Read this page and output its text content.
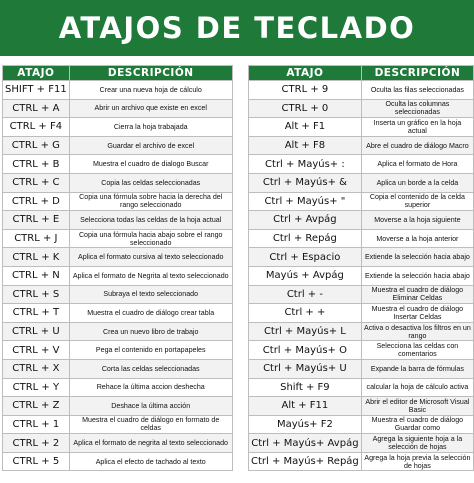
ATAJOS DE TECLADO
ATAJO	DESCRIPCIÓN
SHIFT + F11	Crear una nueva hoja de cálculo
CTRL + A	Abrir un archivo que existe en excel
CTRL + F4	Cierra la hoja trabajada
CTRL + G	Guardar el archivo de excel
CTRL + B	Muestra el cuadro de dialogo Buscar
CTRL + C	Copia las celdas seleccionadas
CTRL + D	Copia una fórmula sobre hacia la derecha del rango seleccionado
CTRL + E	Selecciona todas las celdas de la hoja actual
CTRL + J	Copia una fórmula hacia abajo sobre el rango seleccionado
CTRL + K	Aplica el formato cursiva al texto seleccionado
CTRL + N	Aplica el formato de Negrita al texto seleccionado
CTRL + S	Subraya el texto seleccionado
CTRL + T	Muestra el cuadro de diálogo crear tabla
CTRL + U	Crea un nuevo libro de trabajo
CTRL + V	Pega el contenido en portapapeles
CTRL + X	Corta las celdas seleccionadas
CTRL + Y	Rehace la última accion deshecha
CTRL + Z	Deshace la última acción
CTRL + 1	Muestra el cuadro de diálogo en formato de celdas
CTRL + 2	Aplica el formato de negrita al texto seleccionado
CTRL + 5	Aplica el efecto de tachado al texto
ATAJO	DESCRIPCIÓN
CTRL + 9	Oculta las filas seleccionadas
CTRL + 0	Oculta las columnas seleccionadas
Alt + F1	Inserta un gráfico en la hoja actual
Alt + F8	Abre el cuadro de diálogo Macro
Ctrl + Mayús+ :	Aplica el formato de Hora
Ctrl + Mayús+ &	Aplica un borde a la celda
Ctrl + Mayús+ "	Copia el contenido de la celda superior
Ctrl + Avpág	Moverse a la hoja siguiente
Ctrl + Repág	Moverse a la hoja anterior
Ctrl + Espacio	Extiende la selección hacia abajo
Mayús + Avpág	Extiende la selección hacia abajo
Ctrl + -	Muestra el cuadro de diálogo Eliminar Celdas
Ctrl + +	Muestra el cuadro de diálogo Insertar Celdas
Ctrl + Mayús+ L	Activa o desactiva los filtros en un rango
Ctrl + Mayús+ O	Selecciona las celdas con comentarios
Ctrl + Mayús+ U	Expande la barra de fórmulas
Shift + F9	calcular la hoja de cálculo activa
Alt + F11	Abrir el editor de Microsoft Visual Basic
Mayús+ F2	Muestra el cuadro de diálogo Guardar como
Ctrl + Mayús+ Avpág	Agrega la siguiente hoja a la selección de hojas
Ctrl + Mayús+ Repág	Agrega la hoja previa la selección de hojas
